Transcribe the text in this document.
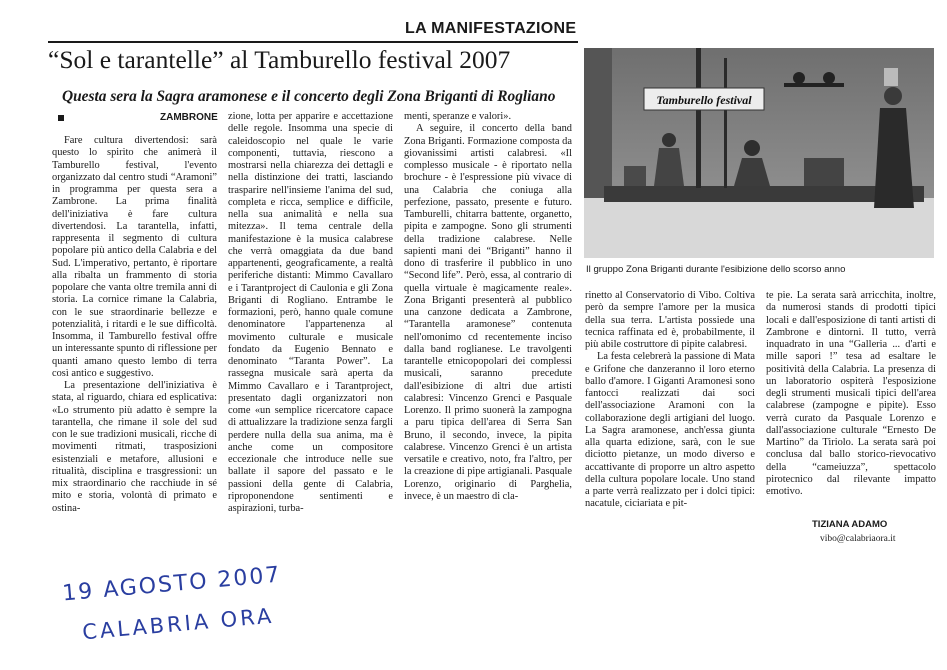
LA MANIFESTAZIONE
“Sol e tarantelle” al Tamburello festival 2007
Questa sera la Sagra aramonese e il concerto degli Zona Briganti di Rogliano
ZAMBRONE

Fare cultura divertendosi: sarà questo lo spirito che animerà il Tamburello festival, l'evento organizzato dal centro studi “Aramoni” in programma per questa sera a Zambrone. La prima finalità dell'iniziativa è fare cultura divertendosi. La tarantella, infatti, rappresenta il segmento di cultura popolare più antico della Calabria e del Sud. L'imperativo, pertanto, è riportare alla ribalta un frammento di storia popolare che vanta oltre tremila anni di storia. La cornice rimane la Calabria, con le sue straordinarie bellezze e potenzialità, i ritardi e le sue difficoltà. Insomma, il Tamburello festival offre un interessante spunto di riflessione per quanti amano questo lembo di terra così antico e suggestivo.

La presentazione dell'iniziativa è stata, al riguardo, chiara ed esplicativa: «Lo strumento più adatto è sempre la tarantella, che rimane il sole del sud con le sue tradizioni musicali, ricche di movimenti ritmati, trasposizioni esistenziali e metafore, allusioni e ritualità, disciplina e trasgressioni: un mix straordinario che racchiude in sé mito e storia, volontà di primato e ostina-

zione, lotta per apparire e accettazione delle regole. Insomma una specie di caleidoscopio nel quale le varie componenti, tuttavia, riescono a mostrarsi nella chiarezza dei dettagli e nella distinzione dei tratti, lasciando trasparire nell'insieme l'anima del sud, completa e ricca, semplice e difficile, nella sua animalità e nella sua mitezza». Il tema centrale della manifestazione è la musica calabrese che verrà omaggiata da due band appartenenti, geograficamente, a realtà periferiche distanti: Mimmo Cavallaro e i Tarantproject di Caulonia e gli Zona Briganti di Rogliano. Entrambe le formazioni, però, hanno quale comune denominatore l'appartenenza al movimento culturale e musicale fondato da Eugenio Bennato e denominato “Taranta Power”. La rassegna musicale sarà aperta da Mimmo Cavallaro e i Tarantproject, presentato dagli organizzatori non come «un semplice ricercatore capace di attualizzare la tradizione senza fargli perdere nulla della sua anima, ma è anche come un compositore eccezionale che introduce nelle sue ballate il sapore del passato e le passioni della gente di Calabria, riproponendone sentimenti e aspirazioni, turba-

menti, speranze e valori».

A seguire, il concerto della band Zona Briganti. Formazione composta da giovanissimi artisti calabresi. «Il complesso musicale - è riportato nella brochure - è l'espressione più vivace di una Calabria che coniuga alla perfezione, passato, presente e futuro. Tamburelli, chitarra battente, organetto, pipita e zampogne. Sono gli strumenti della tradizione calabrese. Nelle sapienti mani dei “Briganti” hanno il dono di trasferire il pubblico in uno “Second life”. Però, essa, al contrario di quella virtuale è magicamente reale». Zona Briganti presenterà al pubblico una canzone dedicata a Zambrone, “Tarantella aramonese” contenuta nell'omonimo cd recentemente inciso dalla band roglianese. Le travolgenti tarantelle etnicopopolari dei complessi musicali, saranno precedute dall'esibizione di altri due artisti calabresi: Vincenzo Grenci e Pasquale Lorenzo. Il primo suonerà la zampogna a paru tipica dell'area di Serra San Bruno, il secondo, invece, la pipita calabrese. Vincenzo Grenci è un artista versatile e creativo, noto, fra l'altro, per la creazione di pipe artigianali. Pasquale Lorenzo, originario di Parghelia, invece, è un maestro di cla-

Tamburello festival
Il gruppo Zona Briganti durante l'esibizione dello scorso anno

rinetto al Conservatorio di Vibo. Coltiva però da sempre l'amore per la musica della sua terra. L'artista possiede una tecnica raffinata ed è, probabilmente, il più abile costruttore di pipite calabresi.

La festa celebrerà la passione di Mata e Grifone che danzeranno il loro eterno ballo d'amore. I Giganti Aramonesi sono fantocci realizzati dai soci dell'associazione Aramoni con la collaborazione degli artigiani del luogo. La Sagra aramonese, anch'essa giunta alla quarta edizione, sarà, con le sue diciotto pietanze, un modo diverso e accattivante di proporre un altro aspetto della cultura popolare locale. Uno stand a parte verrà realizzato per i dolci tipici: nacatule, ciciariata e pit-

te pie. La serata sarà arricchita, inoltre, da numerosi stands di prodotti tipici locali e dall'esposizione di tanti artisti di Zambrone e dintorni. Il tutto, verrà inquadrato in una “Galleria ... d'arti e mille sapori !” tesa ad esaltare le positività della Calabria. La presenza di un laboratorio ospiterà l'esposizione degli strumenti musicali tipici dell'area calabrese (zampogne e pipite). Esso verrà curato da Pasquale Lorenzo e dall'associazione culturale “Ernesto De Martino” da Tiriolo. La serata sarà poi conclusa dal ballo storico-rievocativo della “cameiuzza”, spettacolo pirotecnico dal rilevante impatto emotivo.

TIZIANA ADAMO
vibo@calabriaora.it
19 AGOSTO 2007
CALABRIA ORA
